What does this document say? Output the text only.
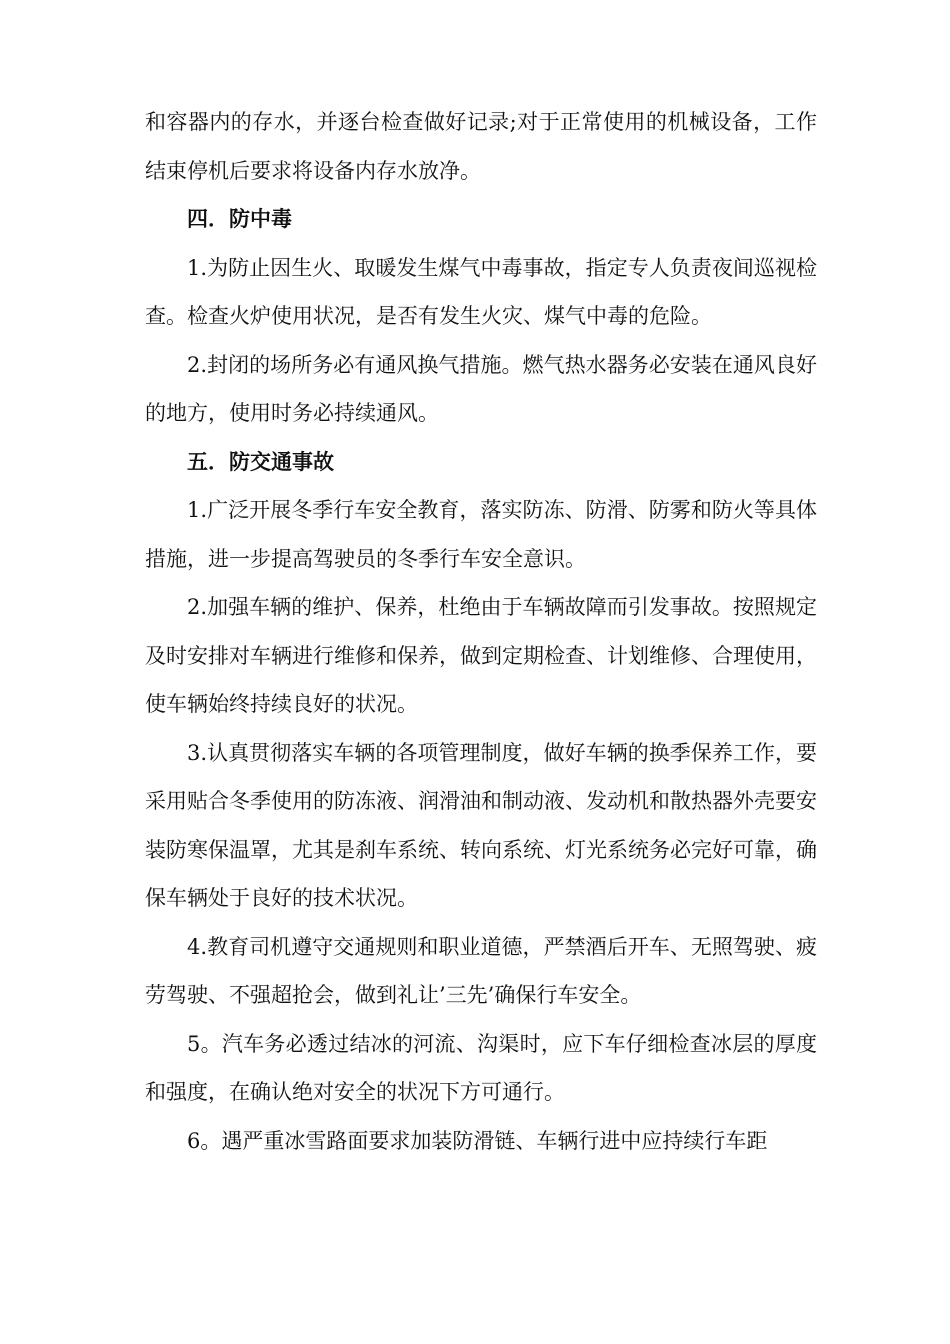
和容器内的存水，并逐台检查做好记录;对于正常使用的机械设备，工作结束停机后要求将设备内存水放净。

四．防中毒

1.为防止因生火、取暖发生煤气中毒事故，指定专人负责夜间巡视检查。检查火炉使用状况，是否有发生火灾、煤气中毒的危险。

2.封闭的场所务必有通风换气措施。燃气热水器务必安装在通风良好的地方，使用时务必持续通风。

五．防交通事故

1.广泛开展冬季行车安全教育，落实防冻、防滑、防雾和防火等具体措施，进一步提高驾驶员的冬季行车安全意识。

2.加强车辆的维护、保养，杜绝由于车辆故障而引发事故。按照规定及时安排对车辆进行维修和保养，做到定期检查、计划维修、合理使用，使车辆始终持续良好的状况。

3.认真贯彻落实车辆的各项管理制度，做好车辆的换季保养工作，要采用贴合冬季使用的防冻液、润滑油和制动液、发动机和散热器外壳要安装防寒保温罩，尤其是刹车系统、转向系统、灯光系统务必完好可靠，确保车辆处于良好的技术状况。

4.教育司机遵守交通规则和职业道德，严禁酒后开车、无照驾驶、疲劳驾驶、不强超抢会，做到礼让’三先’确保行车安全。

5。汽车务必透过结冰的河流、沟渠时，应下车仔细检查冰层的厚度和强度，在确认绝对安全的状况下方可通行。

6。遇严重冰雪路面要求加装防滑链、车辆行进中应持续行车距
